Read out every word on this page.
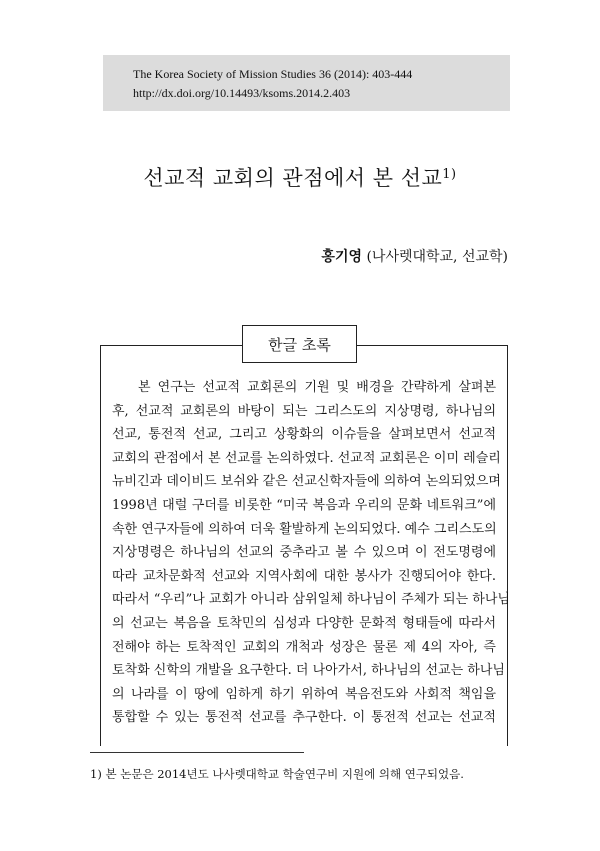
The Korea Society of Mission Studies 36 (2014): 403-444
http://dx.doi.org/10.14493/ksoms.2014.2.403
선교적 교회의 관점에서 본 선교$^{1)}$
홍기영 (나사렛대학교, 선교학)
한글 초록
본 연구는 선교적 교회론의 기원 및 배경을 간략하게 살펴본
후, 선교적 교회론의 바탕이 되는 그리스도의 지상명령, 하나님의
선교, 통전적 선교, 그리고 상황화의 이슈들을 살펴보면서 선교적
교회의 관점에서 본 선교를 논의하였다. 선교적 교회론은 이미 레슬리
뉴비긴과 데이비드 보쉬와 같은 선교신학자들에 의하여 논의되었으며
1998년 대럴 구더를 비롯한 “미국 복음과 우리의 문화 네트워크”에
속한 연구자들에 의하여 더욱 활발하게 논의되었다. 예수 그리스도의
지상명령은 하나님의 선교의 중추라고 볼 수 있으며 이 전도명령에
따라 교차문화적 선교와 지역사회에 대한 봉사가 진행되어야 한다.
따라서 “우리”나 교회가 아니라 삼위일체 하나님이 주체가 되는 하나님
의 선교는 복음을 토착민의 심성과 다양한 문화적 형태들에 따라서
전해야 하는 토착적인 교회의 개척과 성장은 물론 제 4의 자아, 즉
토착화 신학의 개발을 요구한다. 더 나아가서, 하나님의 선교는 하나님
의 나라를 이 땅에 임하게 하기 위하여 복음전도와 사회적 책임을
통합할 수 있는 통전적 선교를 추구한다. 이 통전적 선교는 선교적
1) 본 논문은 2014년도 나사렛대학교 학술연구비 지원에 의해 연구되었음.
